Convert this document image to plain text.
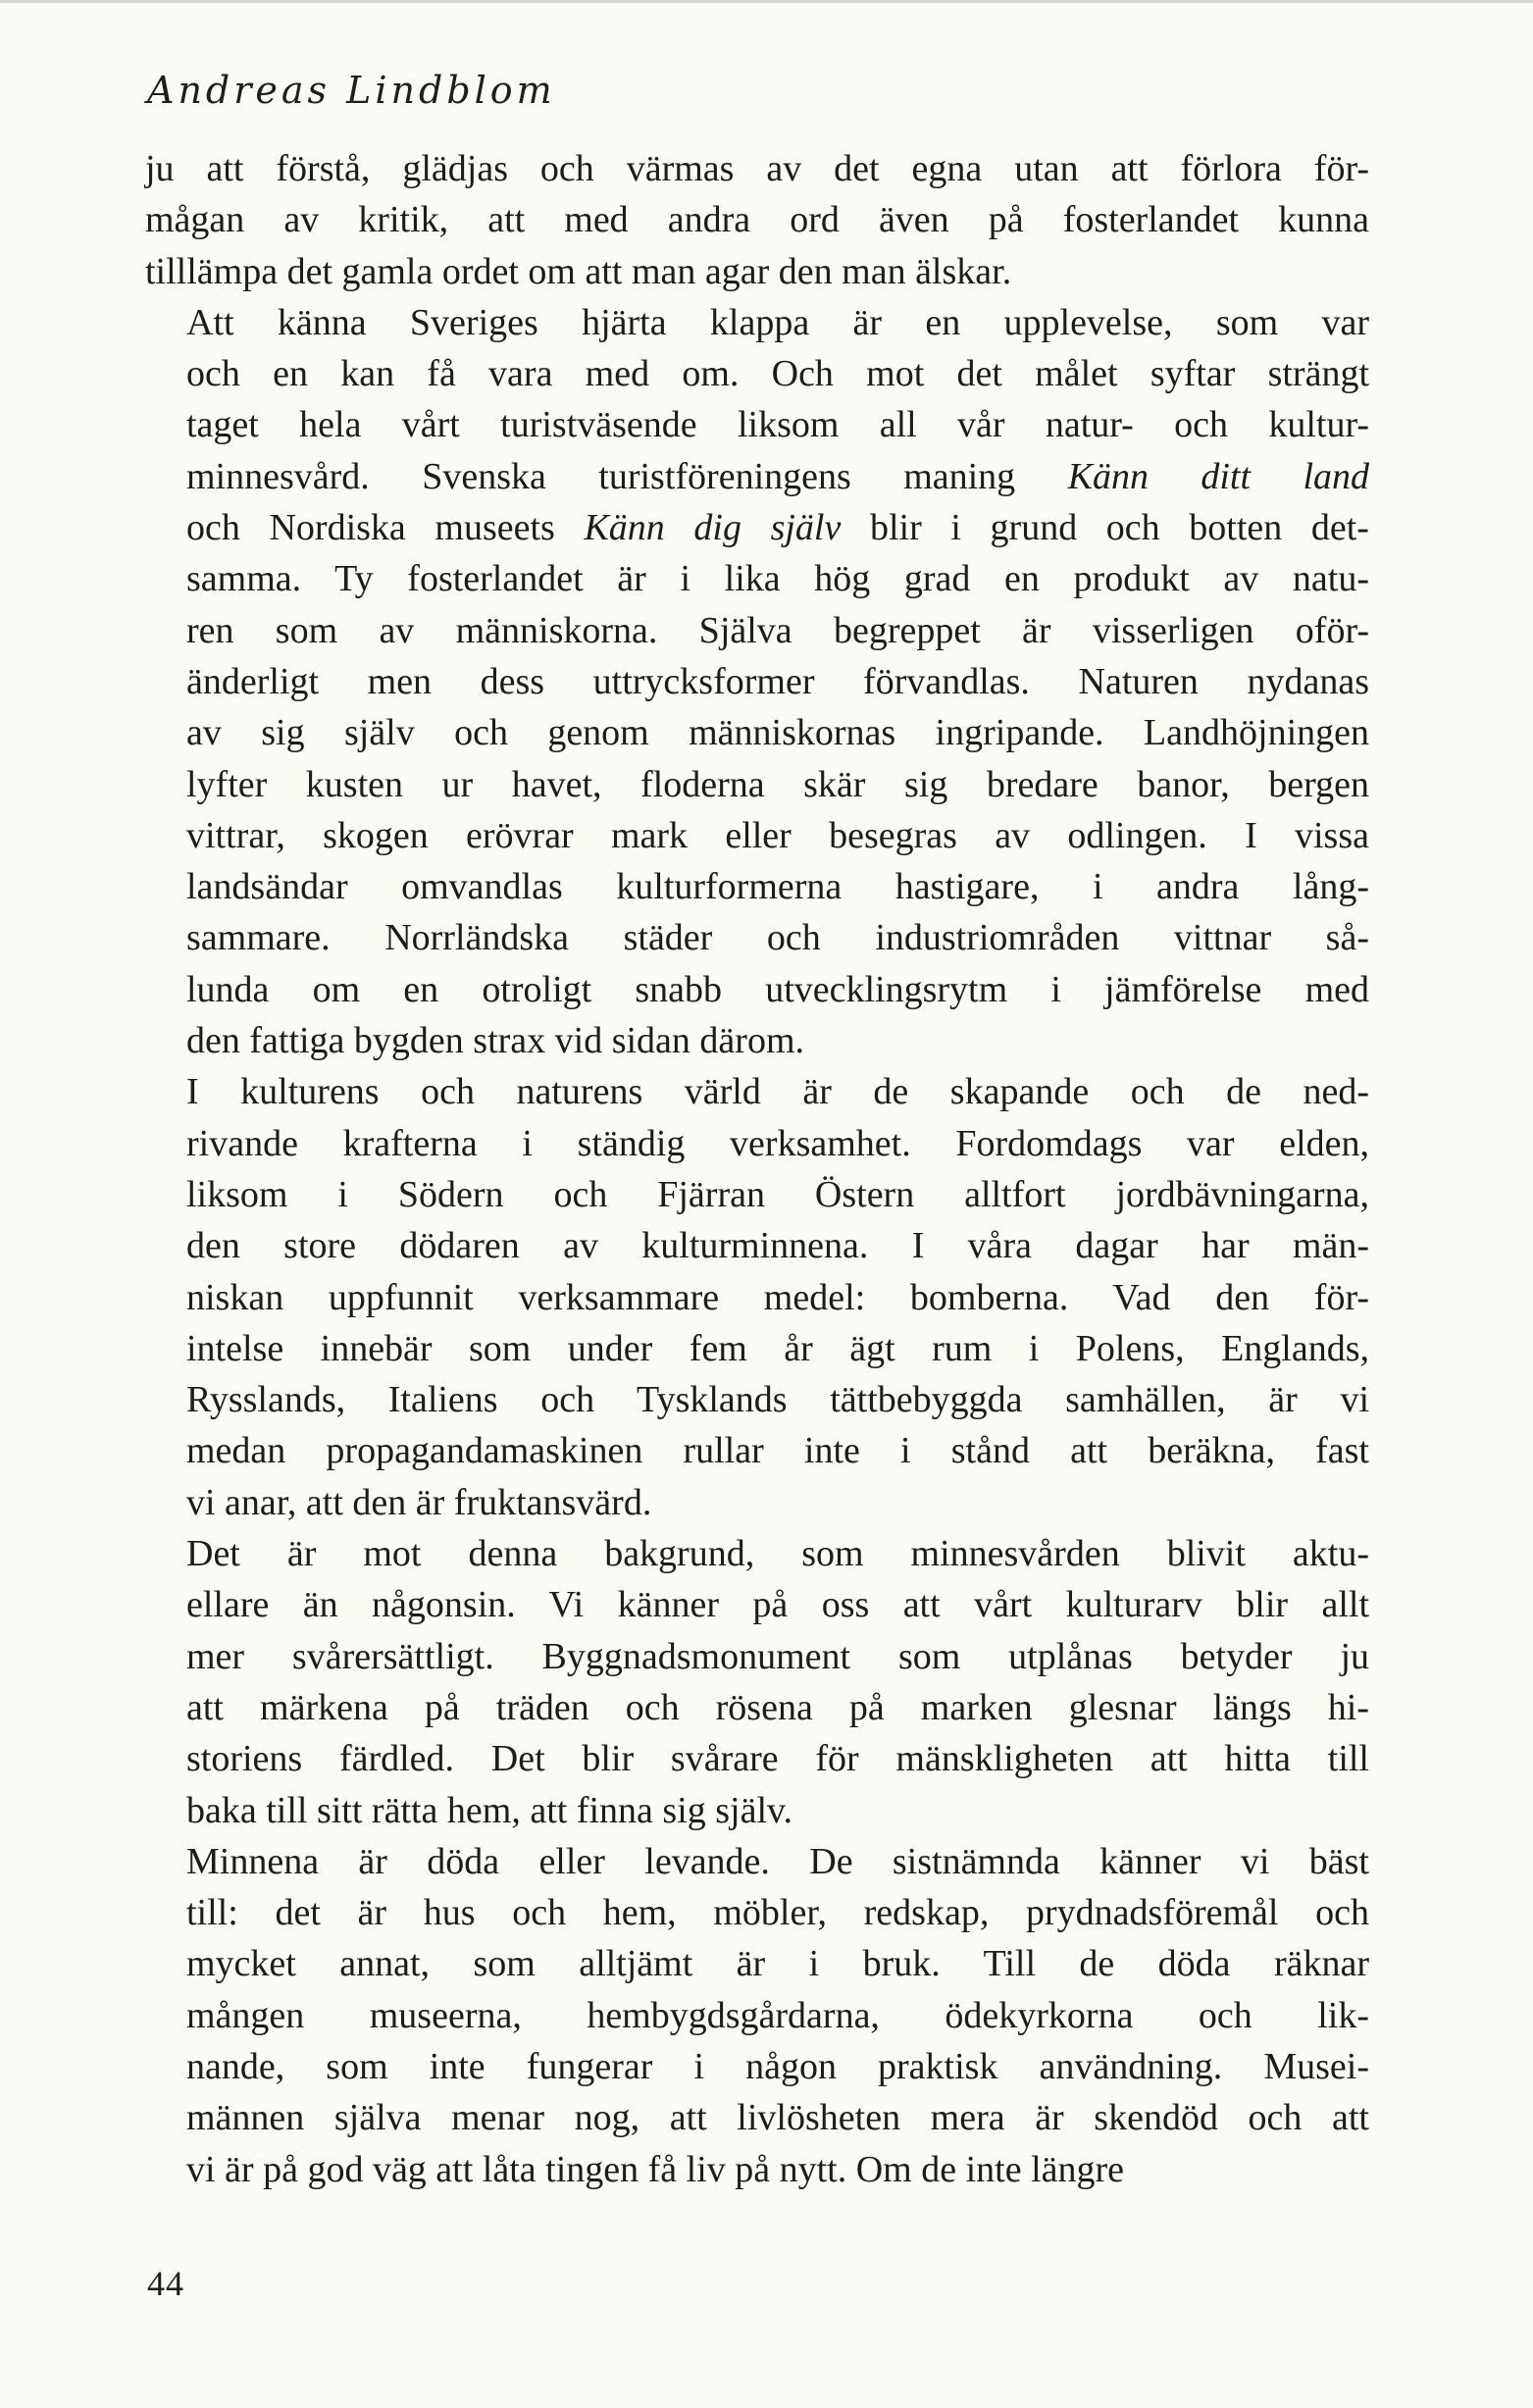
Andreas Lindblom

ju att förstå, glädjas och värmas av det egna utan att förlora för-
mågan av kritik, att med andra ord även på fosterlandet kunna
tilllämpa det gamla ordet om att man agar den man älskar.

Att känna Sveriges hjärta klappa är en upplevelse, som var
och en kan få vara med om. Och mot det målet syftar strängt
taget hela vårt turistväsende liksom all vår natur- och kultur-
minnesvård. Svenska turistföreningens maning Känn ditt land
och Nordiska museets Känn dig själv blir i grund och botten det-
samma. Ty fosterlandet är i lika hög grad en produkt av natu-
ren som av människorna. Själva begreppet är visserligen oför-
änderligt men dess uttrycksformer förvandlas. Naturen nydanas
av sig själv och genom människornas ingripande. Landhöjningen
lyfter kusten ur havet, floderna skär sig bredare banor, bergen
vittrar, skogen erövrar mark eller besegras av odlingen. I vissa
landsändar omvandlas kulturformerna hastigare, i andra lång-
sammare. Norrländska städer och industriområden vittnar så-
lunda om en otroligt snabb utvecklingsrytm i jämförelse med
den fattiga bygden strax vid sidan därom.

I kulturens och naturens värld är de skapande och de ned-
rivande krafterna i ständig verksamhet. Fordomdags var elden,
liksom i Södern och Fjärran Östern alltfort jordbävningarna,
den store dödaren av kulturminnena. I våra dagar har män-
niskan uppfunnit verksammare medel: bomberna. Vad den för-
intelse innebär som under fem år ägt rum i Polens, Englands,
Rysslands, Italiens och Tysklands tättbebyggda samhällen, är vi
medan propagandamaskinen rullar inte i stånd att beräkna, fast
vi anar, att den är fruktansvärd.

Det är mot denna bakgrund, som minnesvården blivit aktu-
ellare än någonsin. Vi känner på oss att vårt kulturarv blir allt
mer svårersättligt. Byggnadsmonument som utplånas betyder ju
att märkena på träden och rösena på marken glesnar längs hi-
storiens färdled. Det blir svårare för mänskligheten att hitta till
baka till sitt rätta hem, att finna sig själv.

Minnena är döda eller levande. De sistnämnda känner vi bäst
till: det är hus och hem, möbler, redskap, prydnadsföremål och
mycket annat, som alltjämt är i bruk. Till de döda räknar
mången museerna, hembygdsgårdarna, ödekyrkorna och lik-
nande, som inte fungerar i någon praktisk användning. Musei-
männen själva menar nog, att livlösheten mera är skendöd och att
vi är på god väg att låta tingen få liv på nytt. Om de inte längre

44
